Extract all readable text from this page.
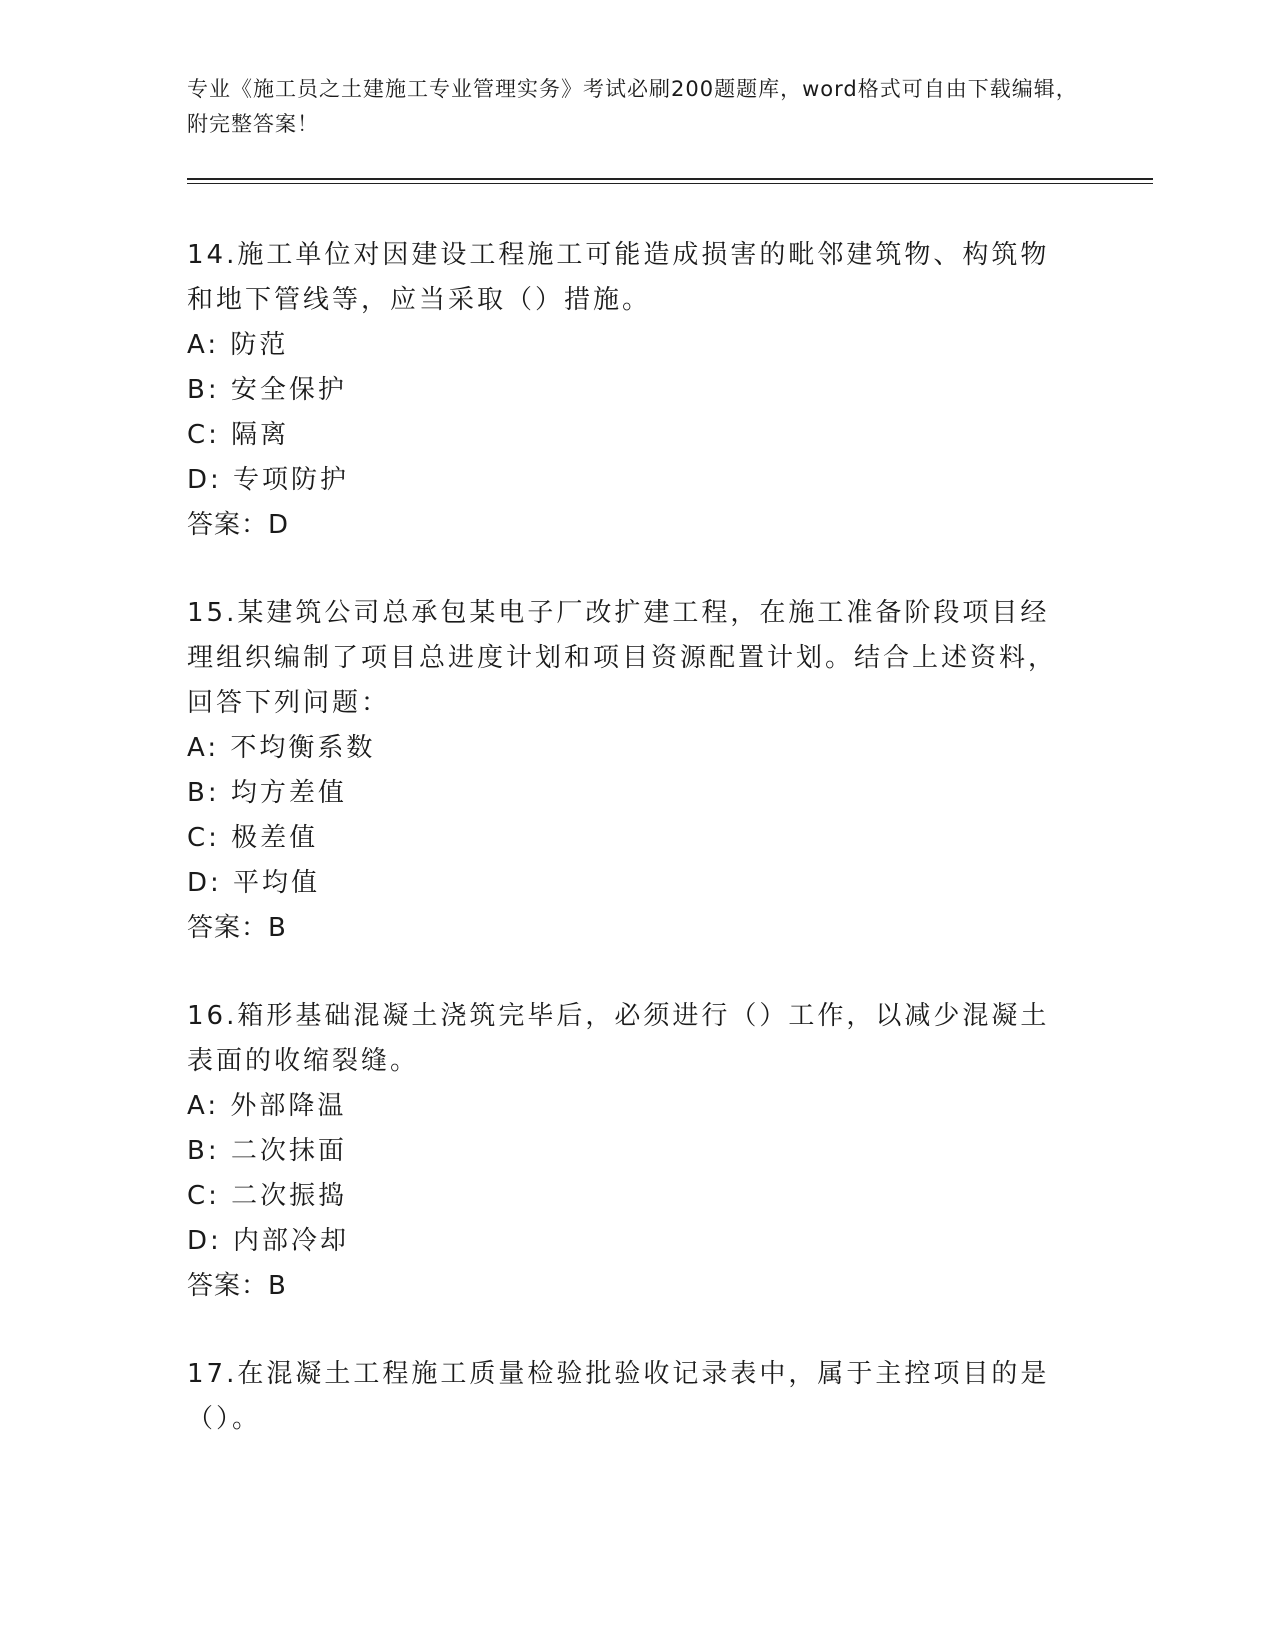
专业《施工员之土建施工专业管理实务》考试必刷200题题库，word格式可自由下载编辑，附完整答案！
14.施工单位对因建设工程施工可能造成损害的毗邻建筑物、构筑物和地下管线等，应当采取（）措施。
A: 防范
B: 安全保护
C: 隔离
D: 专项防护
答案：D
15.某建筑公司总承包某电子厂改扩建工程，在施工准备阶段项目经理组织编制了项目总进度计划和项目资源配置计划。结合上述资料，回答下列问题：
A: 不均衡系数
B: 均方差值
C: 极差值
D: 平均值
答案：B
16.箱形基础混凝土浇筑完毕后，必须进行（）工作，以减少混凝土表面的收缩裂缝。
A: 外部降温
B: 二次抹面
C: 二次振捣
D: 内部冷却
答案：B
17.在混凝土工程施工质量检验批验收记录表中，属于主控项目的是（）。
